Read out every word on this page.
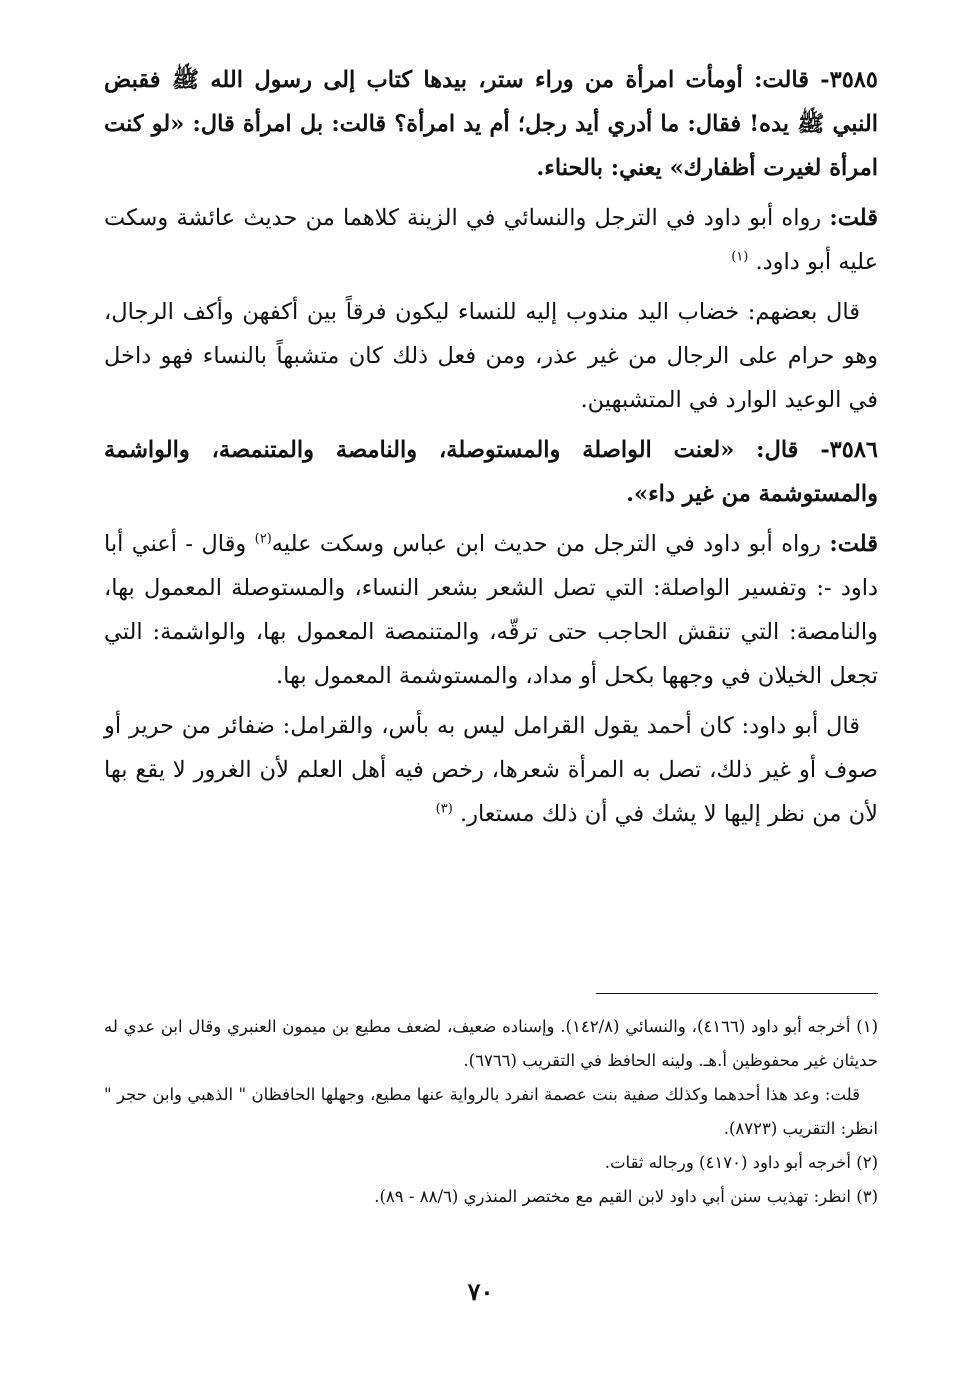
٣٥٨٥- قالت: أومأت امرأة من وراء ستر، بيدها كتاب إلى رسول الله ﷺ فقبض النبي ﷺ يده! فقال: ما أدري أيد رجل؛ أم يد امرأة؟ قالت: بل امرأة قال: «لو كنت امرأة لغيرت أظفارك» يعني: بالحناء.

قلت: رواه أبو داود في الترجل والنسائي في الزينة كلاهما من حديث عائشة وسكت عليه أبو داود. $^{(١)}$

قال بعضهم: خضاب اليد مندوب إليه للنساء ليكون فرقاً بين أكفهن وأكف الرجال، وهو حرام على الرجال من غير عذر، ومن فعل ذلك كان متشبهاً بالنساء فهو داخل في الوعيد الوارد في المتشبهين.

٣٥٨٦- قال: «لعنت الواصلة والمستوصلة، والنامصة والمتنمصة، والواشمة والمستوشمة من غير داء».

قلت: رواه أبو داود في الترجل من حديث ابن عباس وسكت عليه$^{(٢)}$ وقال - أعني أبا داود -: وتفسير الواصلة: التي تصل الشعر بشعر النساء، والمستوصلة المعمول بها، والنامصة: التي تنقش الحاجب حتى ترقّه، والمتنمصة المعمول بها، والواشمة: التي تجعل الخيلان في وجهها بكحل أو مداد، والمستوشمة المعمول بها.

قال أبو داود: كان أحمد يقول القرامل ليس به بأس، والقرامل: ضفائر من حرير أو صوف أو غير ذلك، تصل به المرأة شعرها، رخص فيه أهل العلم لأن الغرور لا يقع بها لأن من نظر إليها لا يشك في أن ذلك مستعار. $^{(٣)}$

(١) أخرجه أبو داود (٤١٦٦)، والنسائي (١٤٢/٨). وإسناده ضعيف، لضعف مطيع بن ميمون العنبري وقال ابن عدي له حديثان غير محفوظين أ.هـ. ولينه الحافظ في التقريب (٦٧٦٦).

قلت: وعد هذا أحدهما وكذلك صفية بنت عصمة انفرد بالرواية عنها مطيع، وجهلها الحافظان " الذهبي وابن حجر " انظر: التقريب (٨٧٢٣).

(٢) أخرجه أبو داود (٤١٧٠) ورجاله ثقات.

(٣) انظر: تهذيب سنن أبي داود لابن القيم مع مختصر المنذري (٨٨/٦ - ٨٩).

٧٠
